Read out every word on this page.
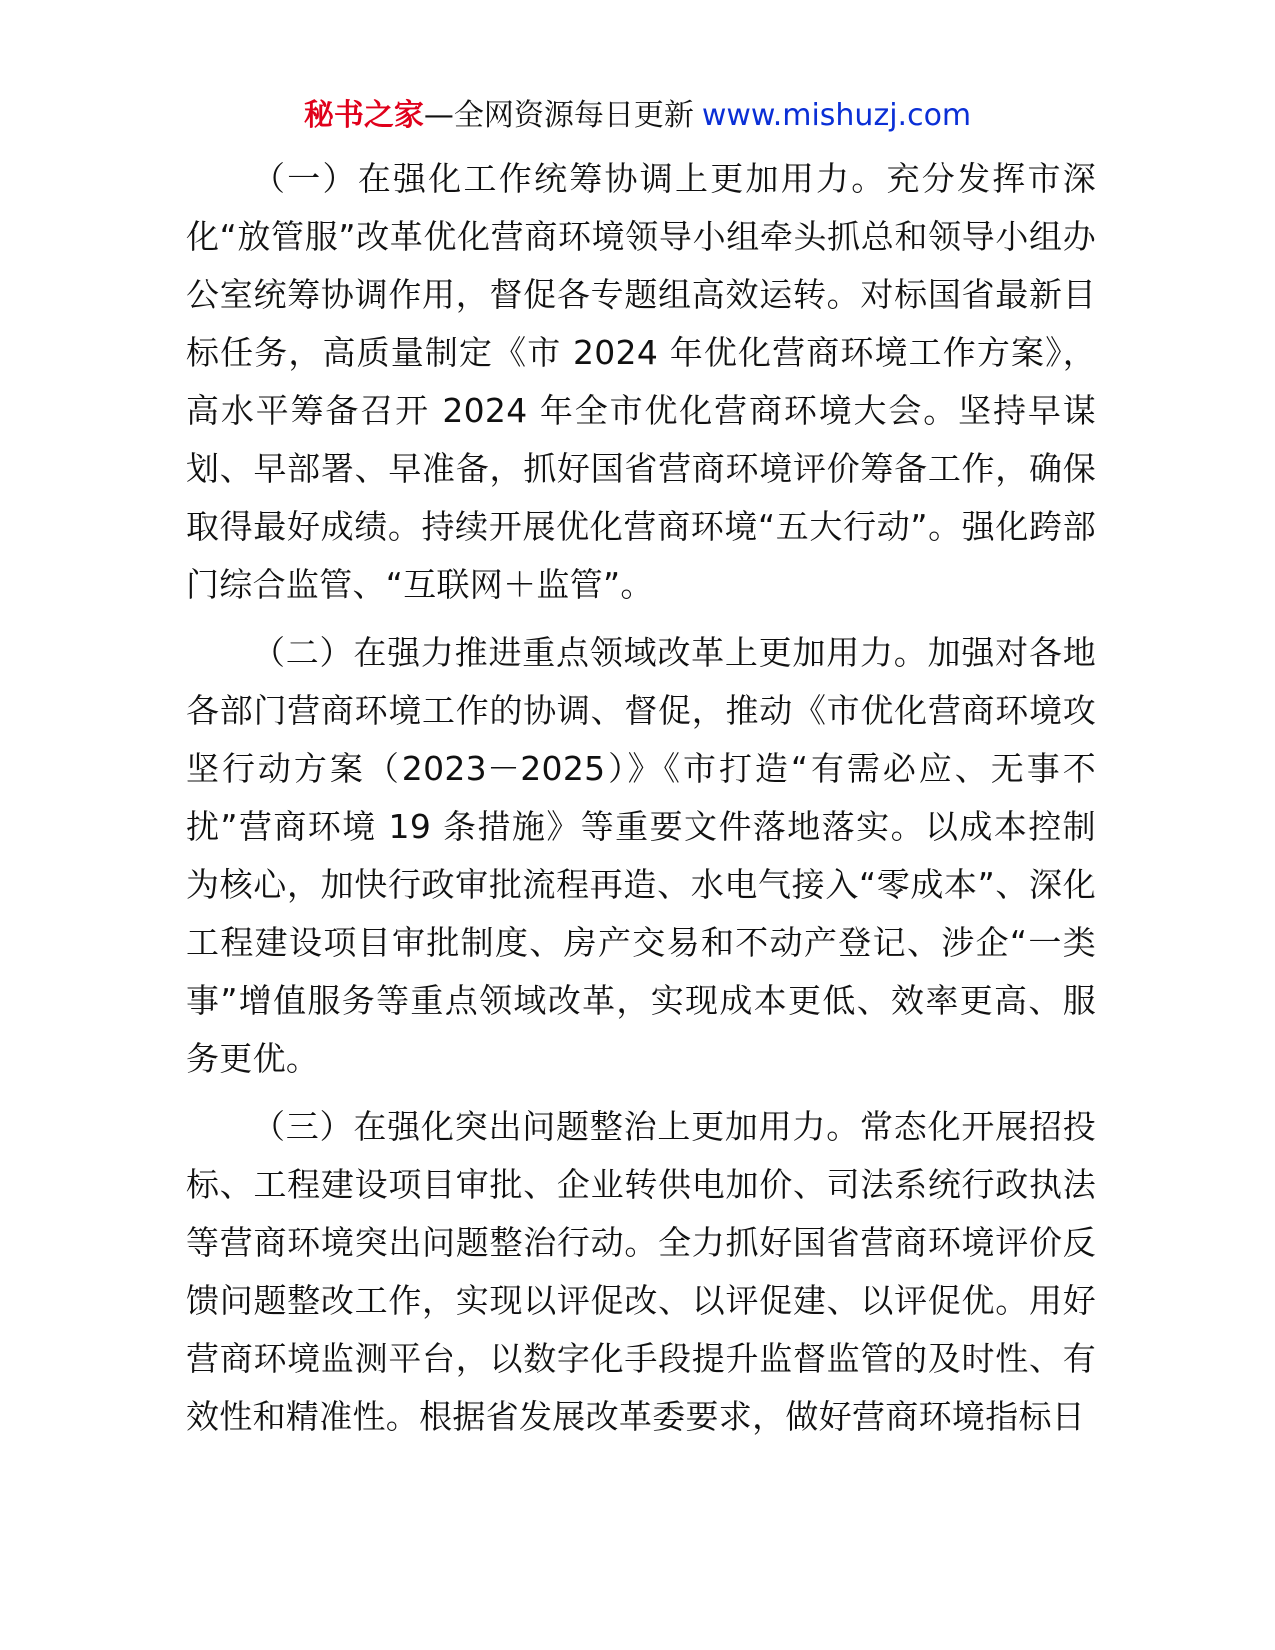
秘书之家—全网资源每日更新 www.mishuzj.com

（一）在强化工作统筹协调上更加用力。充分发挥市深化“放管服”改革优化营商环境领导小组牵头抓总和领导小组办公室统筹协调作用，督促各专题组高效运转。对标国省最新目标任务，高质量制定《市 2024 年优化营商环境工作方案》，高水平筹备召开 2024 年全市优化营商环境大会。坚持早谋划、早部署、早准备，抓好国省营商环境评价筹备工作，确保取得最好成绩。持续开展优化营商环境“五大行动”。强化跨部门综合监管、“互联网＋监管”。

（二）在强力推进重点领域改革上更加用力。加强对各地各部门营商环境工作的协调、督促，推动《市优化营商环境攻坚行动方案（2023－2025）》《市打造“有需必应、无事不扰”营商环境 19 条措施》等重要文件落地落实。以成本控制为核心，加快行政审批流程再造、水电气接入“零成本”、深化工程建设项目审批制度、房产交易和不动产登记、涉企“一类事”增值服务等重点领域改革，实现成本更低、效率更高、服务更优。

（三）在强化突出问题整治上更加用力。常态化开展招投标、工程建设项目审批、企业转供电加价、司法系统行政执法等营商环境突出问题整治行动。全力抓好国省营商环境评价反馈问题整改工作，实现以评促改、以评促建、以评促优。用好营商环境监测平台，以数字化手段提升监督监管的及时性、有效性和精准性。根据省发展改革委要求，做好营商环境指标日
